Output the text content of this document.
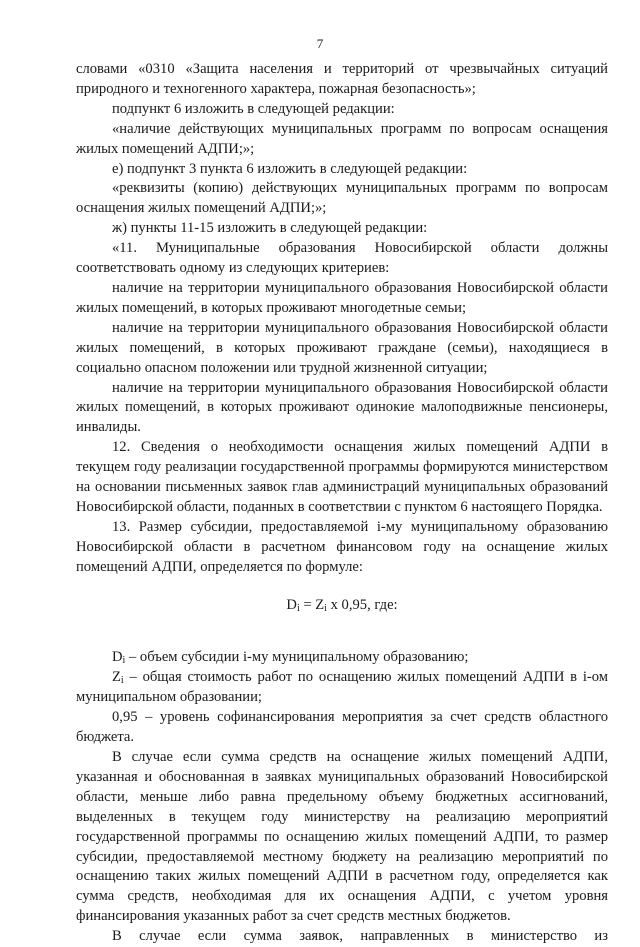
7

словами «0310 «Защита населения и территорий от чрезвычайных ситуаций природного и техногенного характера, пожарная безопасность»;

подпункт 6 изложить в следующей редакции:

«наличие действующих муниципальных программ по вопросам оснащения жилых помещений АДПИ;»;

е) подпункт 3 пункта 6 изложить в следующей редакции:

«реквизиты (копию) действующих муниципальных программ по вопросам оснащения жилых помещений АДПИ;»;

ж) пункты 11-15 изложить в следующей редакции:

«11. Муниципальные образования Новосибирской области должны соответствовать одному из следующих критериев:

наличие на территории муниципального образования Новосибирской области жилых помещений, в которых проживают многодетные семьи;

наличие на территории муниципального образования Новосибирской области жилых помещений, в которых проживают граждане (семьи), находящиеся в социально опасном положении или трудной жизненной ситуации;

наличие на территории муниципального образования Новосибирской области жилых помещений, в которых проживают одинокие малоподвижные пенсионеры, инвалиды.

12. Сведения о необходимости оснащения жилых помещений АДПИ в текущем году реализации государственной программы формируются министерством на основании письменных заявок глав администраций муниципальных образований Новосибирской области, поданных в соответствии с пунктом 6 настоящего Порядка.

13. Размер субсидии, предоставляемой i-му муниципальному образованию Новосибирской области в расчетном финансовом году на оснащение жилых помещений АДПИ, определяется по формуле:

$D_i = Z_i$ x 0,95, где:

$D_i$ – объем субсидии i-му муниципальному образованию;

$Z_i$ – общая стоимость работ по оснащению жилых помещений АДПИ в i-ом муниципальном образовании;

0,95 – уровень софинансирования мероприятия за счет средств областного бюджета.

В случае если сумма средств на оснащение жилых помещений АДПИ, указанная и обоснованная в заявках муниципальных образований Новосибирской области, меньше либо равна предельному объему бюджетных ассигнований, выделенных в текущем году министерству на реализацию мероприятий государственной программы по оснащению жилых помещений АДПИ, то размер субсидии, предоставляемой местному бюджету на реализацию мероприятий по оснащению таких жилых помещений АДПИ в расчетном году, определяется как сумма средств, необходимая для их оснащения АДПИ, с учетом уровня финансирования указанных работ за счет средств местных бюджетов.

В случае если сумма заявок, направленных в министерство из
